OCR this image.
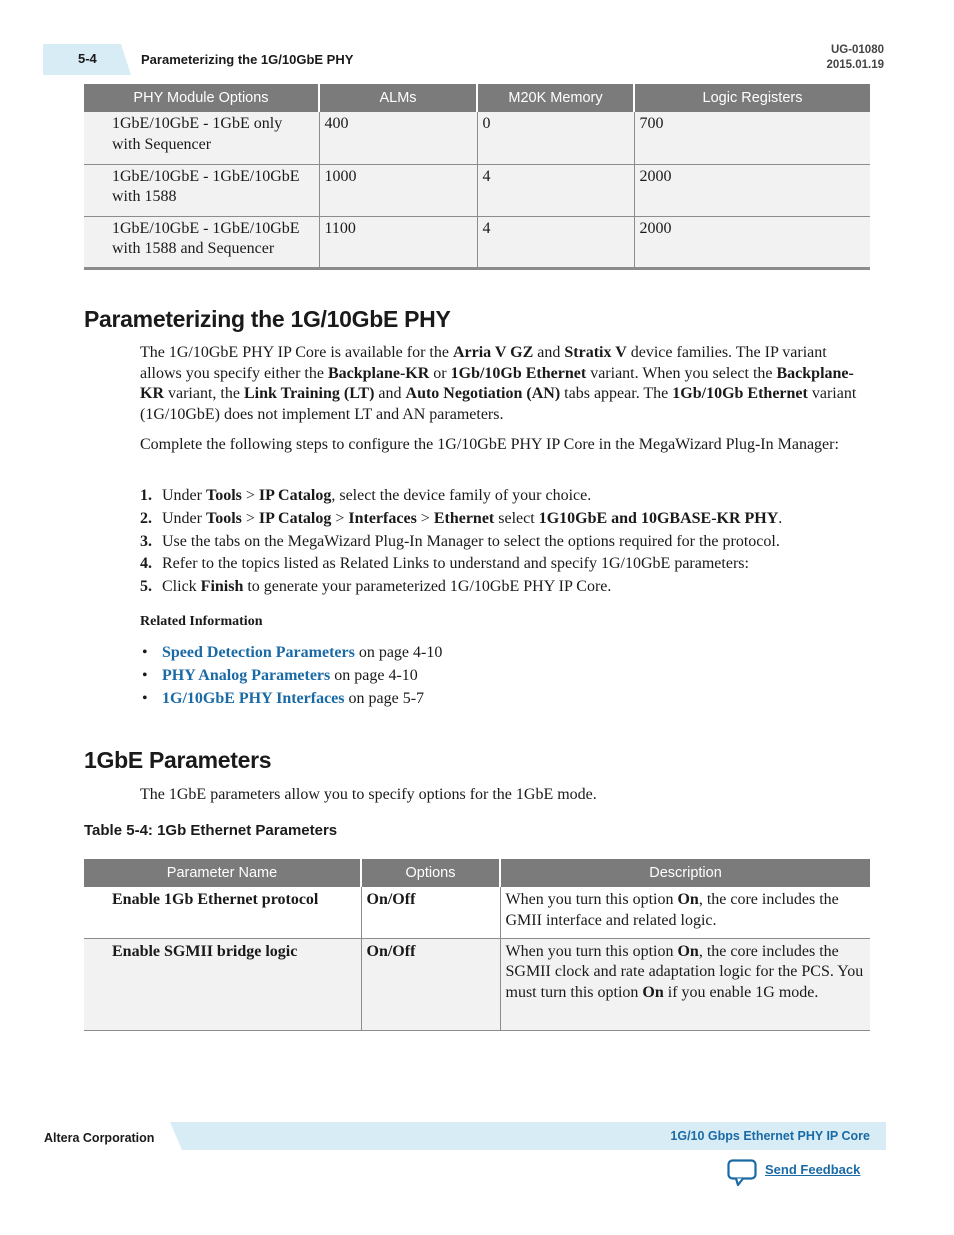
5-4	Parameterizing the 1G/10GbE PHY
UG-01080
2015.01.19
PHY Module Options	ALMs	M20K Memory	Logic Registers
1GbE/10GbE - 1GbE only with Sequencer	400	0	700
1GbE/10GbE - 1GbE/10GbE with 1588	1000	4	2000
1GbE/10GbE - 1GbE/10GbE with 1588 and Sequencer	1100	4	2000
Parameterizing the 1G/10GbE PHY

The 1G/10GbE PHY IP Core is available for the Arria V GZ and Stratix V device families. The IP variant allows you specify either the Backplane-KR or 1Gb/10Gb Ethernet variant. When you select the Backplane-KR variant, the Link Training (LT) and Auto Negotiation (AN) tabs appear. The 1Gb/10Gb Ethernet variant (1G/10GbE) does not implement LT and AN parameters.

Complete the following steps to configure the 1G/10GbE PHY IP Core in the MegaWizard Plug-In Manager:

1. Under Tools > IP Catalog, select the device family of your choice.
2. Under Tools > IP Catalog > Interfaces > Ethernet select 1G10GbE and 10GBASE-KR PHY.
3. Use the tabs on the MegaWizard Plug-In Manager to select the options required for the protocol.
4. Refer to the topics listed as Related Links to understand and specify 1G/10GbE parameters:
5. Click Finish to generate your parameterized 1G/10GbE PHY IP Core.
Related Information
• Speed Detection Parameters on page 4-10
• PHY Analog Parameters on page 4-10
• 1G/10GbE PHY Interfaces on page 5-7
1GbE Parameters

The 1GbE parameters allow you to specify options for the 1GbE mode.

Table 5-4: 1Gb Ethernet Parameters
Parameter Name	Options	Description
Enable 1Gb Ethernet protocol	On/Off	When you turn this option On, the core includes the GMII interface and related logic.
Enable SGMII bridge logic	On/Off	When you turn this option On, the core includes the SGMII clock and rate adaptation logic for the PCS. You must turn this option On if you enable 1G mode.
Altera Corporation	1G/10 Gbps Ethernet PHY IP Core
Send Feedback
